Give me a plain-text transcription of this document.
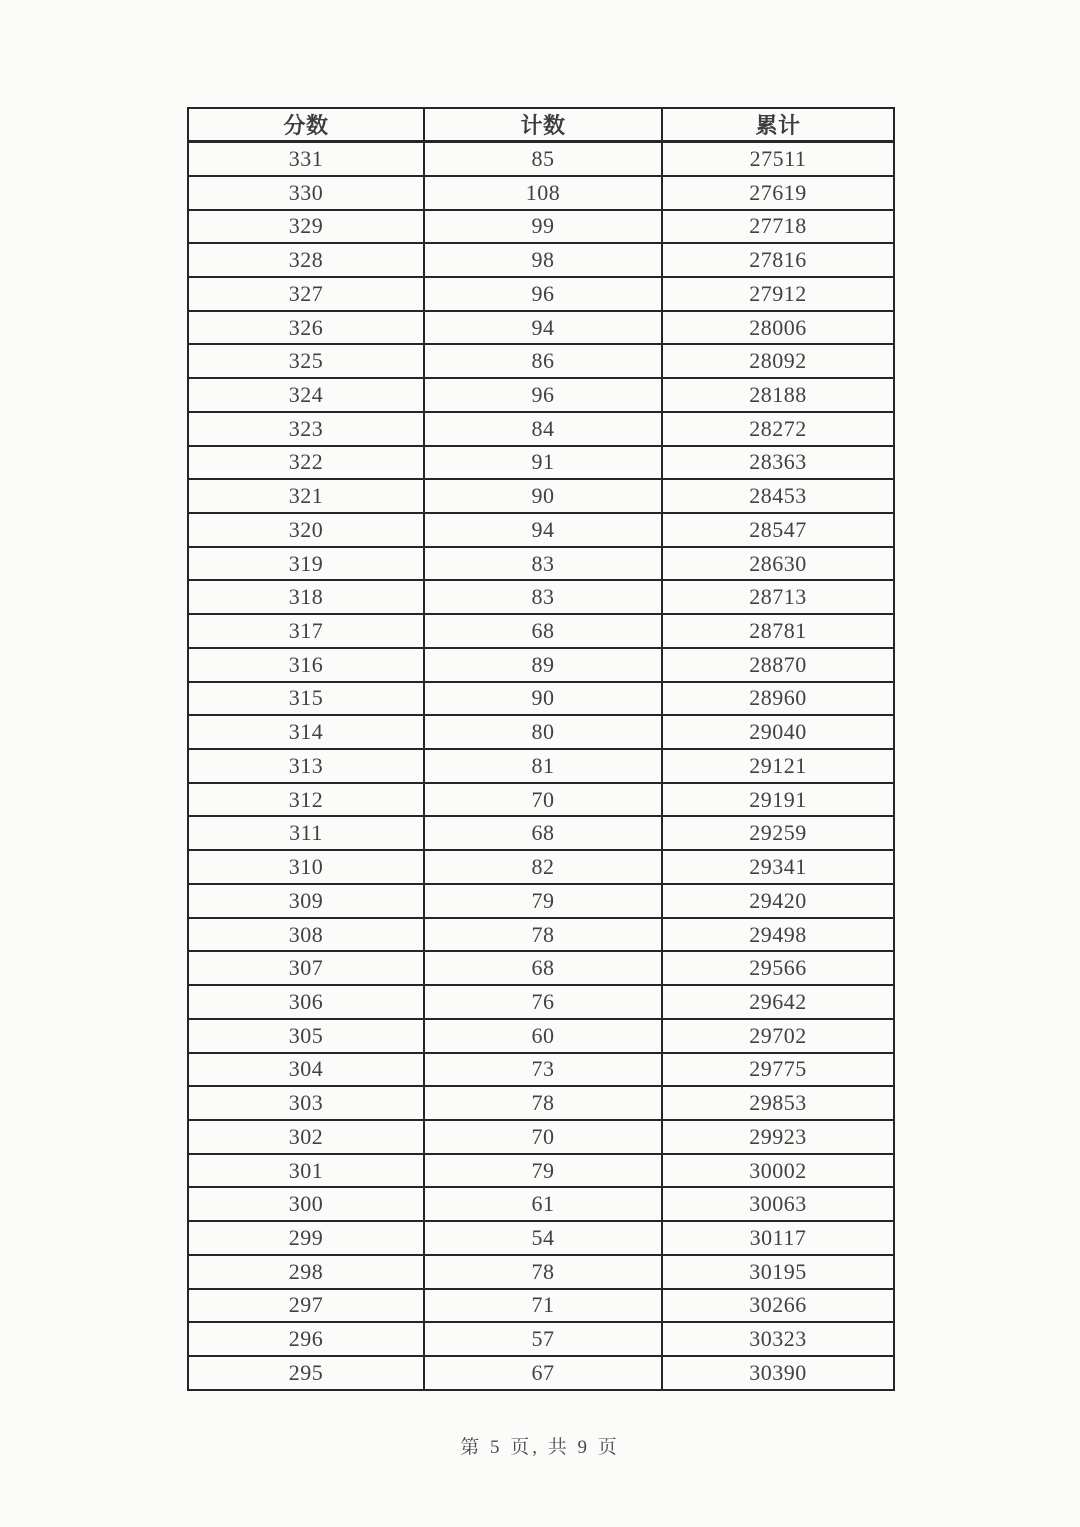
分数	计数	累计
331	85	27511
330	108	27619
329	99	27718
328	98	27816
327	96	27912
326	94	28006
325	86	28092
324	96	28188
323	84	28272
322	91	28363
321	90	28453
320	94	28547
319	83	28630
318	83	28713
317	68	28781
316	89	28870
315	90	28960
314	80	29040
313	81	29121
312	70	29191
311	68	29259
310	82	29341
309	79	29420
308	78	29498
307	68	29566
306	76	29642
305	60	29702
304	73	29775
303	78	29853
302	70	29923
301	79	30002
300	61	30063
299	54	30117
298	78	30195
297	71	30266
296	57	30323
295	67	30390
第 5 页, 共 9 页
